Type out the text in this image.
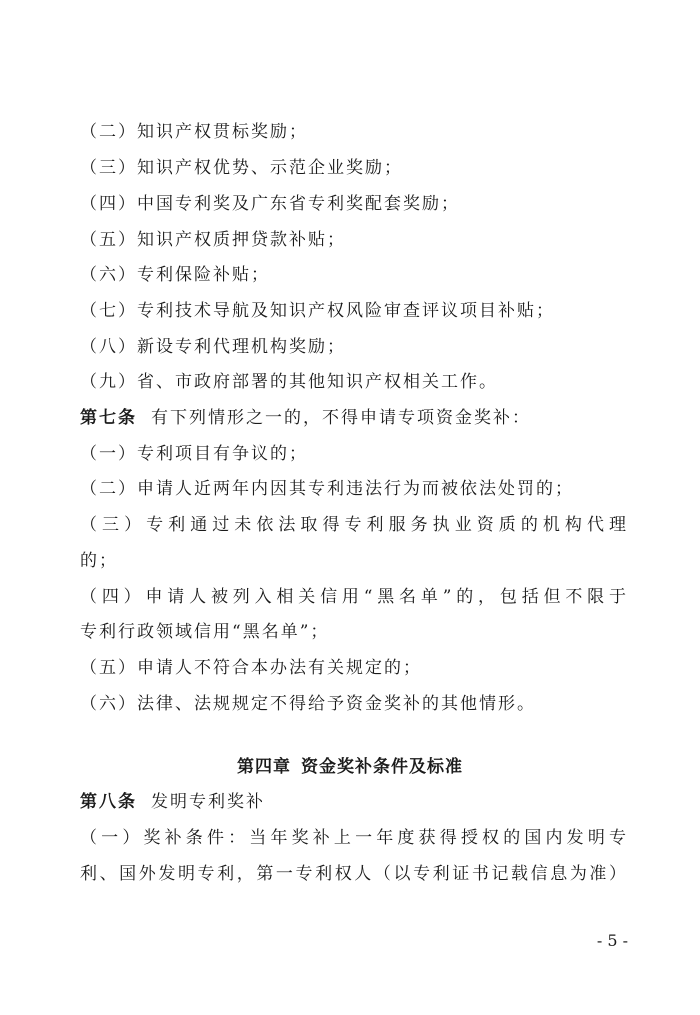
（二）知识产权贯标奖励；
（三）知识产权优势、示范企业奖励；
（四）中国专利奖及广东省专利奖配套奖励；
（五）知识产权质押贷款补贴；
（六）专利保险补贴；
（七）专利技术导航及知识产权风险审查评议项目补贴；
（八）新设专利代理机构奖励；
（九）省、市政府部署的其他知识产权相关工作。
第七条 有下列情形之一的，不得申请专项资金奖补：
（一）专利项目有争议的；
（二）申请人近两年内因其专利违法行为而被依法处罚的；
（三）专利通过未依法取得专利服务执业资质的机构代理
的；
（四）申请人被列入相关信用“黑名单”的，包括但不限于
专利行政领域信用“黑名单”；
（五）申请人不符合本办法有关规定的；
（六）法律、法规规定不得给予资金奖补的其他情形。
第四章 资金奖补条件及标准
第八条 发明专利奖补
（一）奖补条件：当年奖补上一年度获得授权的国内发明专
利、国外发明专利，第一专利权人（以专利证书记载信息为准）
- 5 -
